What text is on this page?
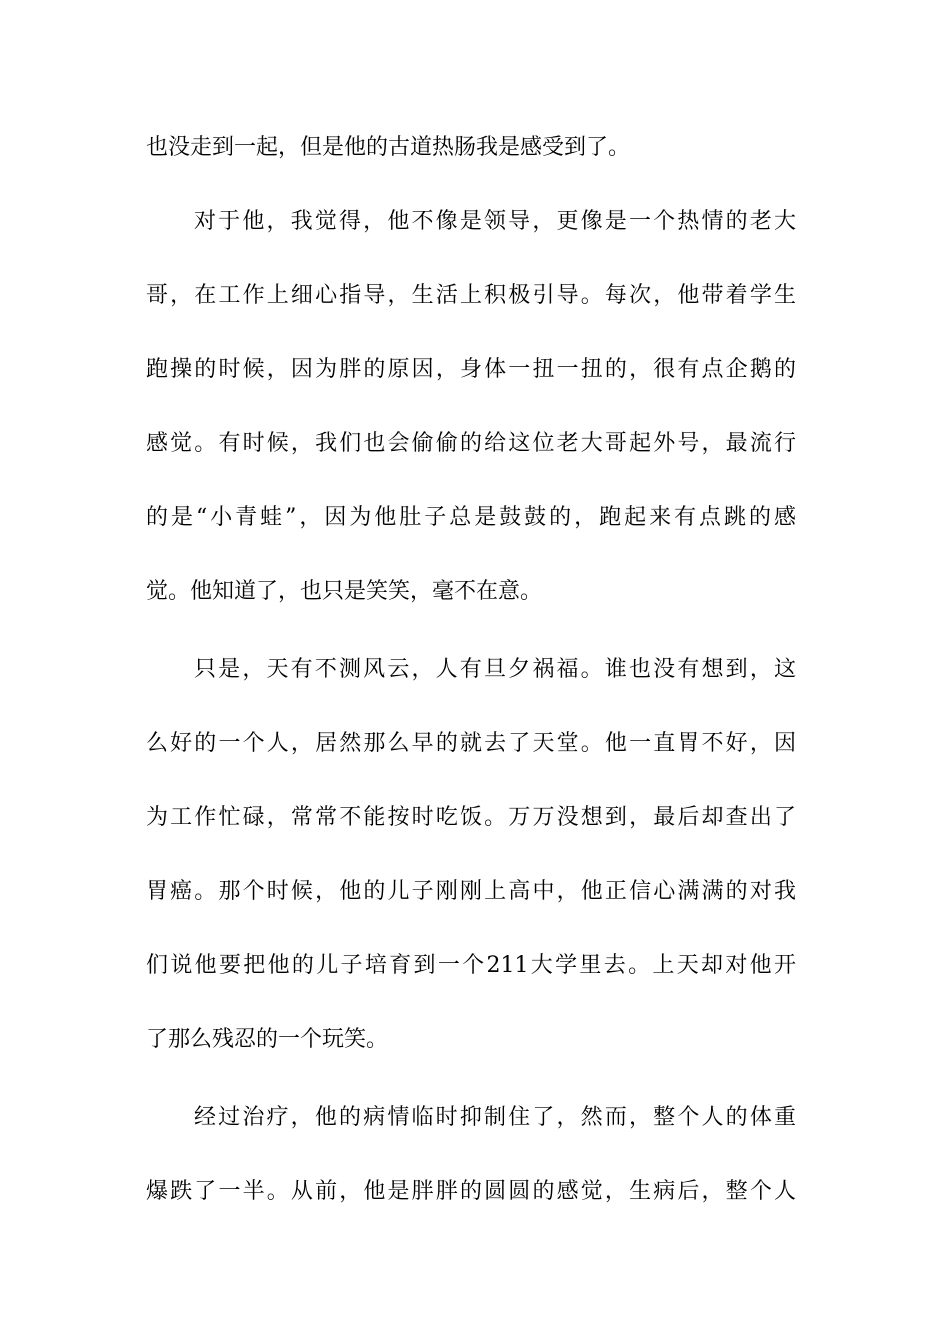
也没走到一起，但是他的古道热肠我是感受到了。
对于他，我觉得，他不像是领导，更像是一个热情的老大
哥，在工作上细心指导，生活上积极引导。每次，他带着学生
跑操的时候，因为胖的原因，身体一扭一扭的，很有点企鹅的
感觉。有时候，我们也会偷偷的给这位老大哥起外号，最流行
的是“小青蛙”，因为他肚子总是鼓鼓的，跑起来有点跳的感
觉。他知道了，也只是笑笑，毫不在意。
只是，天有不测风云，人有旦夕祸福。谁也没有想到，这
么好的一个人，居然那么早的就去了天堂。他一直胃不好，因
为工作忙碌，常常不能按时吃饭。万万没想到，最后却查出了
胃癌。那个时候，他的儿子刚刚上高中，他正信心满满的对我
们说他要把他的儿子培育到一个211大学里去。上天却对他开
了那么残忍的一个玩笑。
经过治疗，他的病情临时抑制住了，然而，整个人的体重
爆跌了一半。从前，他是胖胖的圆圆的感觉，生病后，整个人
